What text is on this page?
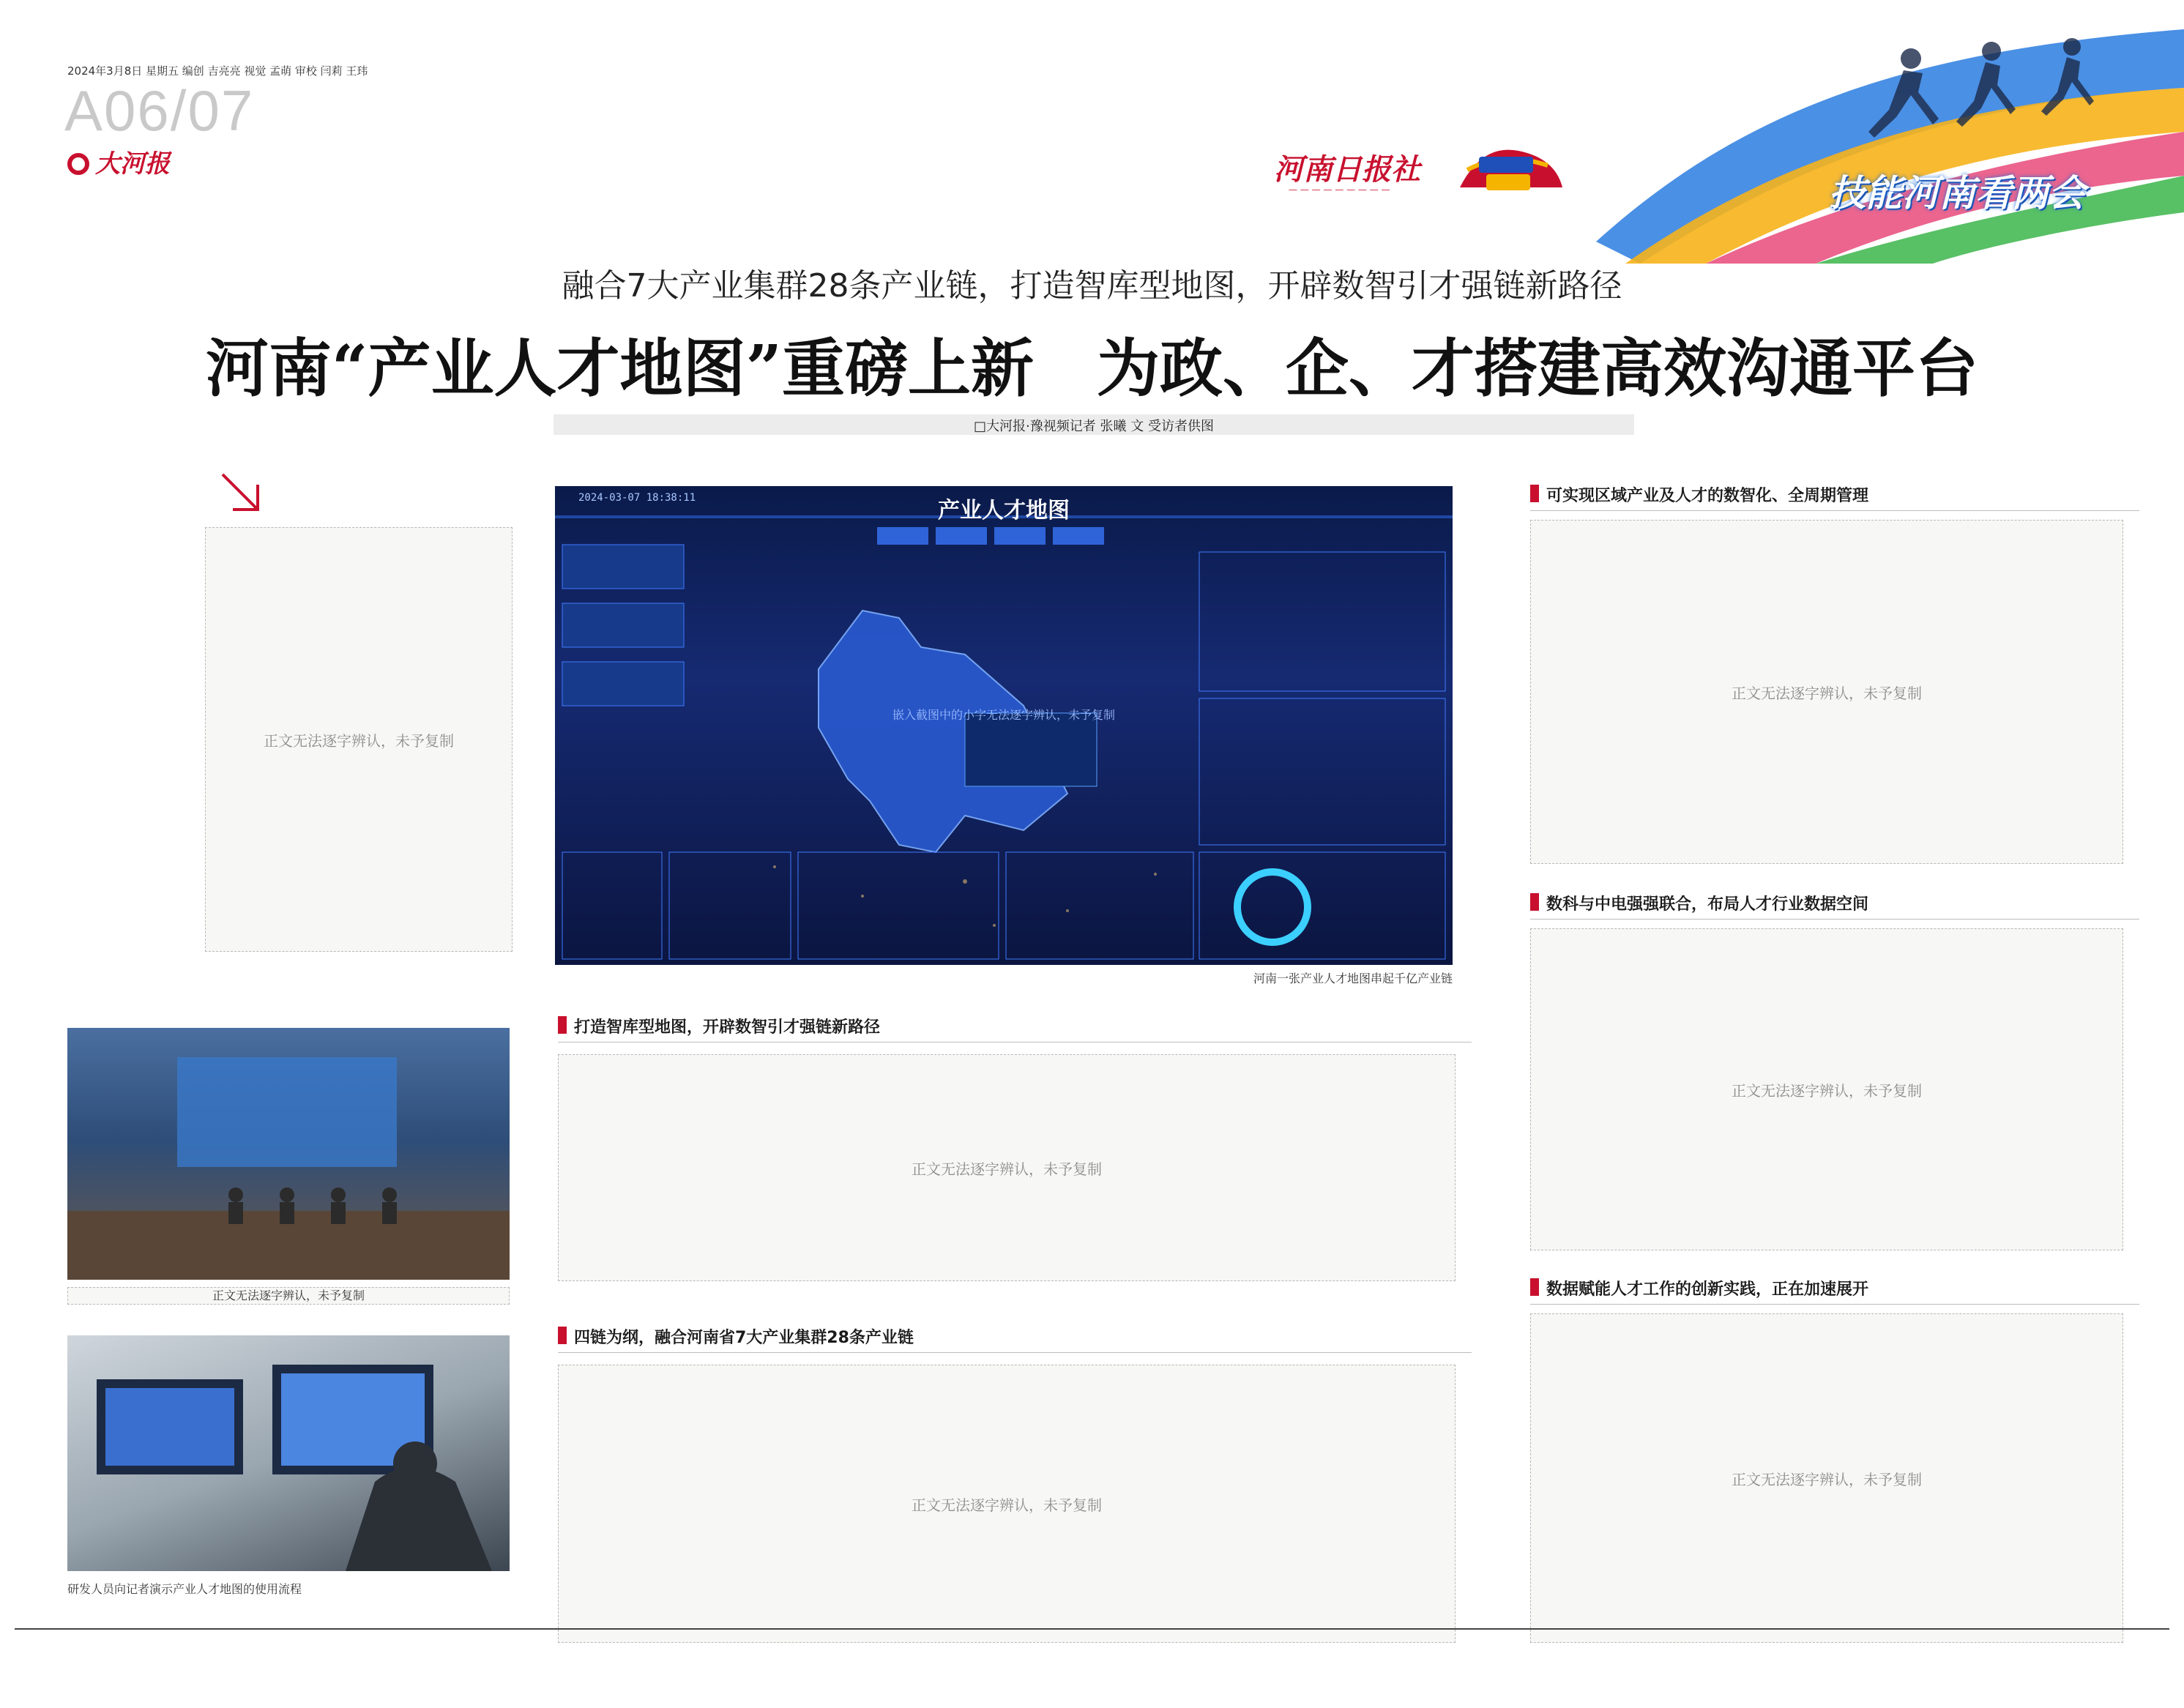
2024年3月8日 星期五 编创 吉亮亮 视觉 孟萌 审校 闫莉 王玮
A06/07
大河报	河南日报社
— — — — — — — — —	技能河南看两会
融合7大产业集群28条产业链，打造智库型地图，开辟数智引才强链新路径
河南“产业人才地图”重磅上新　为政、企、才搭建高效沟通平台
□大河报·豫视频记者 张曦 文 受访者供图
正文无法逐字辨认，未予复制
2024-03-07 18:38:11	产业人才地图
嵌入截图中的小字无法逐字辨认，未予复制
河南一张产业人才地图串起千亿产业链
打造智库型地图，开辟数智引才强链新路径
正文无法逐字辨认，未予复制
四链为纲，融合河南省7大产业集群28条产业链
正文无法逐字辨认，未予复制
可实现区域产业及人才的数智化、全周期管理
正文无法逐字辨认，未予复制
数科与中电强强联合，布局人才行业数据空间
正文无法逐字辨认，未予复制
数据赋能人才工作的创新实践，正在加速展开
正文无法逐字辨认，未予复制
正文无法逐字辨认，未予复制
研发人员向记者演示产业人才地图的使用流程
